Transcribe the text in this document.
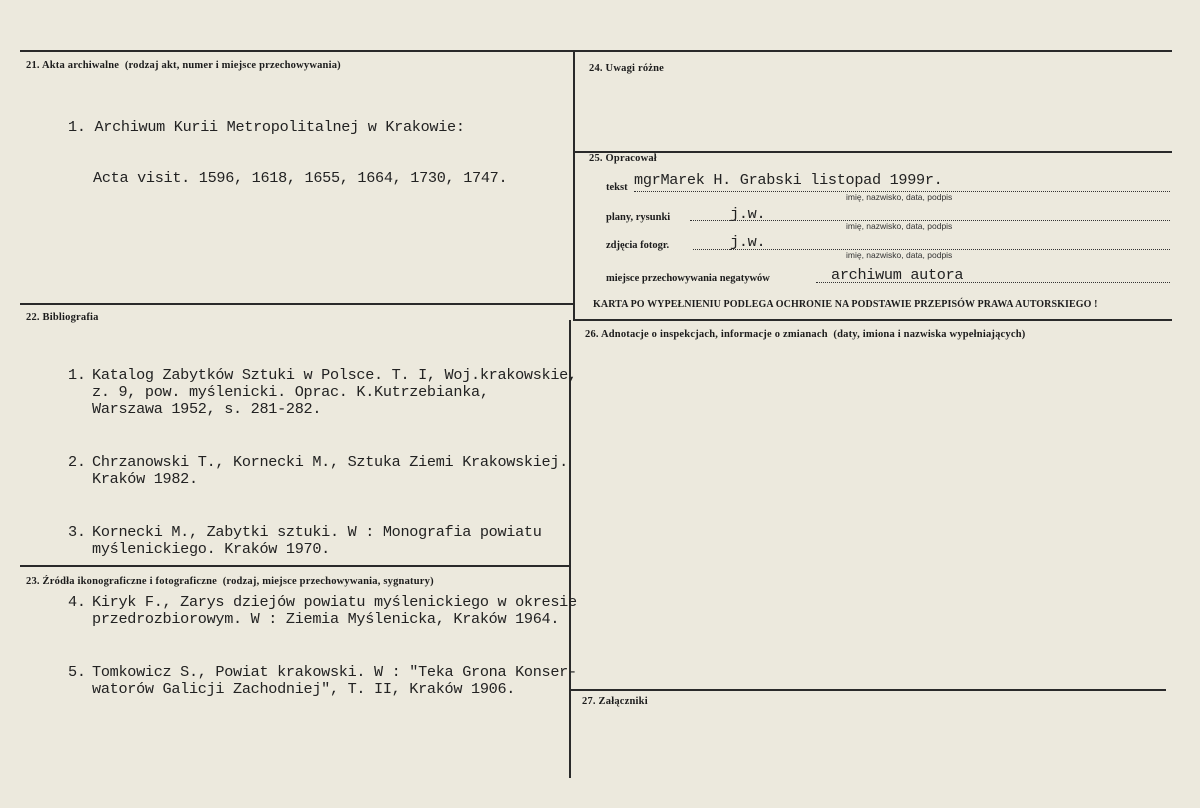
21. Akta archiwalne (rodzaj akt, numer i miejsce przechowywania)

1. Archiwum Kurii Metropolitalnej w Krakowie:

Acta visit. 1596, 1618, 1655, 1664, 1730, 1747.

22. Bibliografia

1. Katalog Zabytków Sztuki w Polsce. T. I, Woj.krakowskie,
z. 9, pow. myślenicki. Oprac. K.Kutrzebianka,
Warszawa 1952, s. 281-282.

2. Chrzanowski T., Kornecki M., Sztuka Ziemi Krakowskiej.
Kraków 1982.

3. Kornecki M., Zabytki sztuki. W : Monografia powiatu
myślenickiego. Kraków 1970.

4. Kiryk F., Zarys dziejów powiatu myślenickiego w okresie
przedrozbiorowym. W : Ziemia Myślenicka, Kraków 1964.

5. Tomkowicz S., Powiat krakowski. W : "Teka Grona Konser-
watorów Galicji Zachodniej", T. II, Kraków 1906.

23. Źródła ikonograficzne i fotograficzne (rodzaj, miejsce przechowywania, sygnatury)
24. Uwagi różne
25. Opracował
tekst mgrMarek H. Grabski listopad 1999r.
imię, nazwisko, data, podpis
plany, rysunki	j.w.
imię, nazwisko, data, podpis
zdjęcia fotogr.	j.w.
imię, nazwisko, data, podpis
miejsce przechowywania negatywów	archiwum autora
KARTA PO WYPEŁNIENIU PODLEGA OCHRONIE NA PODSTAWIE PRZEPISÓW PRAWA AUTORSKIEGO !
26. Adnotacje o inspekcjach, informacje o zmianach (daty, imiona i nazwiska wypełniających)
27. Załączniki
